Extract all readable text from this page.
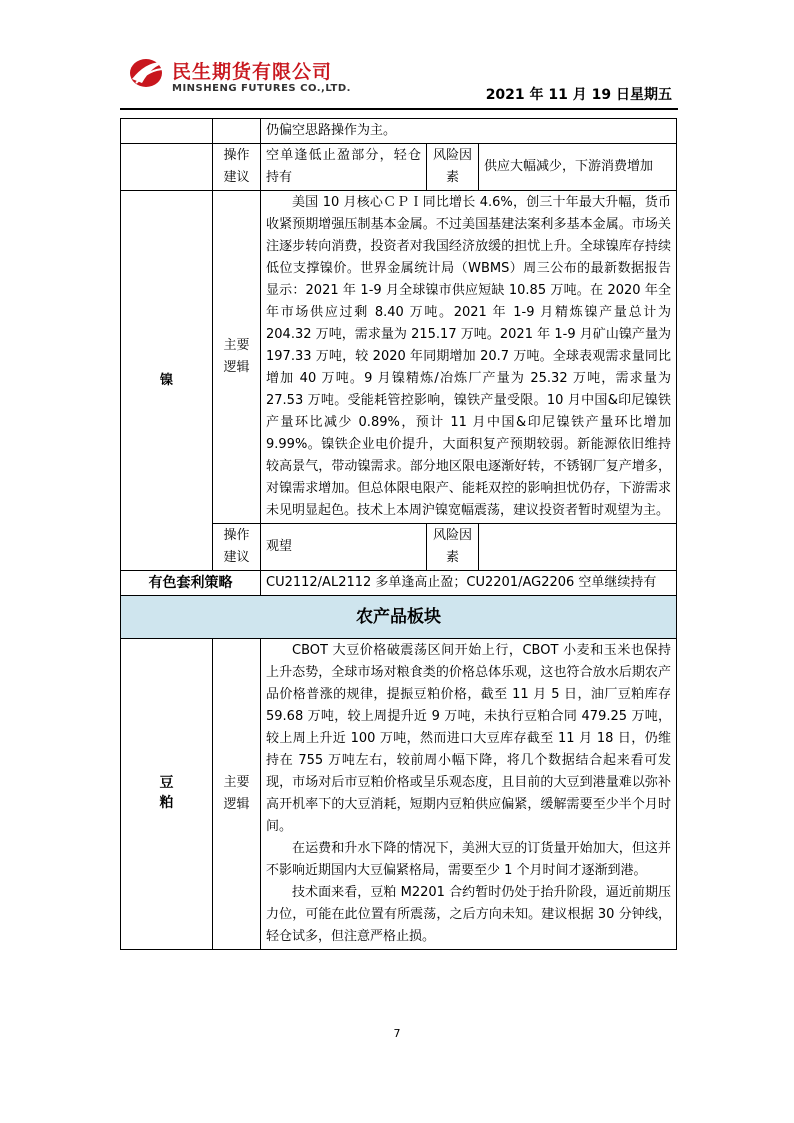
民生期货有限公司
MINSHENG FUTURES CO.,LTD.	2021 年 11 月 19 日星期五
		仍偏空思路操作为主。		
	操作建议	空单逢低止盈部分，轻仓持有	风险因素	供应大幅减少，下游消费增加
镍	主要逻辑	美国 10 月核心ＣＰＩ同比增长 4.6%，创三十年最大升幅，货币收紧预期增强压制基本金属。不过美国基建法案利多基本金属。市场关注逐步转向消费，投资者对我国经济放缓的担忧上升。全球镍库存持续低位支撑镍价。世界金属统计局（WBMS）周三公布的最新数据报告显示：2021 年 1-9 月全球镍市供应短缺 10.85 万吨。在 2020 年全年市场供应过剩 8.40 万吨。2021 年 1-9 月精炼镍产量总计为 204.32 万吨，需求量为 215.17 万吨。2021 年 1-9 月矿山镍产量为 197.33 万吨，较 2020 年同期增加 20.7 万吨。全球表观需求量同比增加 40 万吨。9 月镍精炼/冶炼厂产量为 25.32 万吨，需求量为 27.53 万吨。受能耗管控影响，镍铁产量受限。10 月中国&印尼镍铁产量环比减少 0.89%，预计 11 月中国&印尼镍铁产量环比增加 9.99%。镍铁企业电价提升，大面积复产预期较弱。新能源依旧维持较高景气，带动镍需求。部分地区限电逐渐好转，不锈钢厂复产增多，对镍需求增加。但总体限电限产、能耗双控的影响担忧仍存，下游需求未见明显起色。技术上本周沪镍宽幅震荡，建议投资者暂时观望为主。		

	操作建议	观望	风险因素	
有色套利策略		CU2112/AL2112 多单逢高止盈；CU2201/AG2206 空单继续持有		
农产品板块				
豆粕	主要逻辑	CBOT 大豆价格破震荡区间开始上行，CBOT 小麦和玉米也保持上升态势，全球市场对粮食类的价格总体乐观，这也符合放水后期农产品价格普涨的规律，提振豆粕价格，截至 11 月 5 日，油厂豆粕库存 59.68 万吨，较上周提升近 9 万吨，未执行豆粕合同 479.25 万吨，较上周上升近 100 万吨，然而进口大豆库存截至 11 月 18 日，仍维持在 755 万吨左右，较前周小幅下降，将几个数据结合起来看可发现，市场对后市豆粕价格或呈乐观态度，且目前的大豆到港量难以弥补高开机率下的大豆消耗，短期内豆粕供应偏紧，缓解需要至少半个月时间。

在运费和升水下降的情况下，美洲大豆的订货量开始加大，但这并不影响近期国内大豆偏紧格局，需要至少 1 个月时间才逐渐到港。

技术面来看，豆粕 M2201 合约暂时仍处于抬升阶段，逼近前期压力位，可能在此位置有所震荡，之后方向未知。建议根据 30 分钟线，轻仓试多，但注意严格止损。		

7
